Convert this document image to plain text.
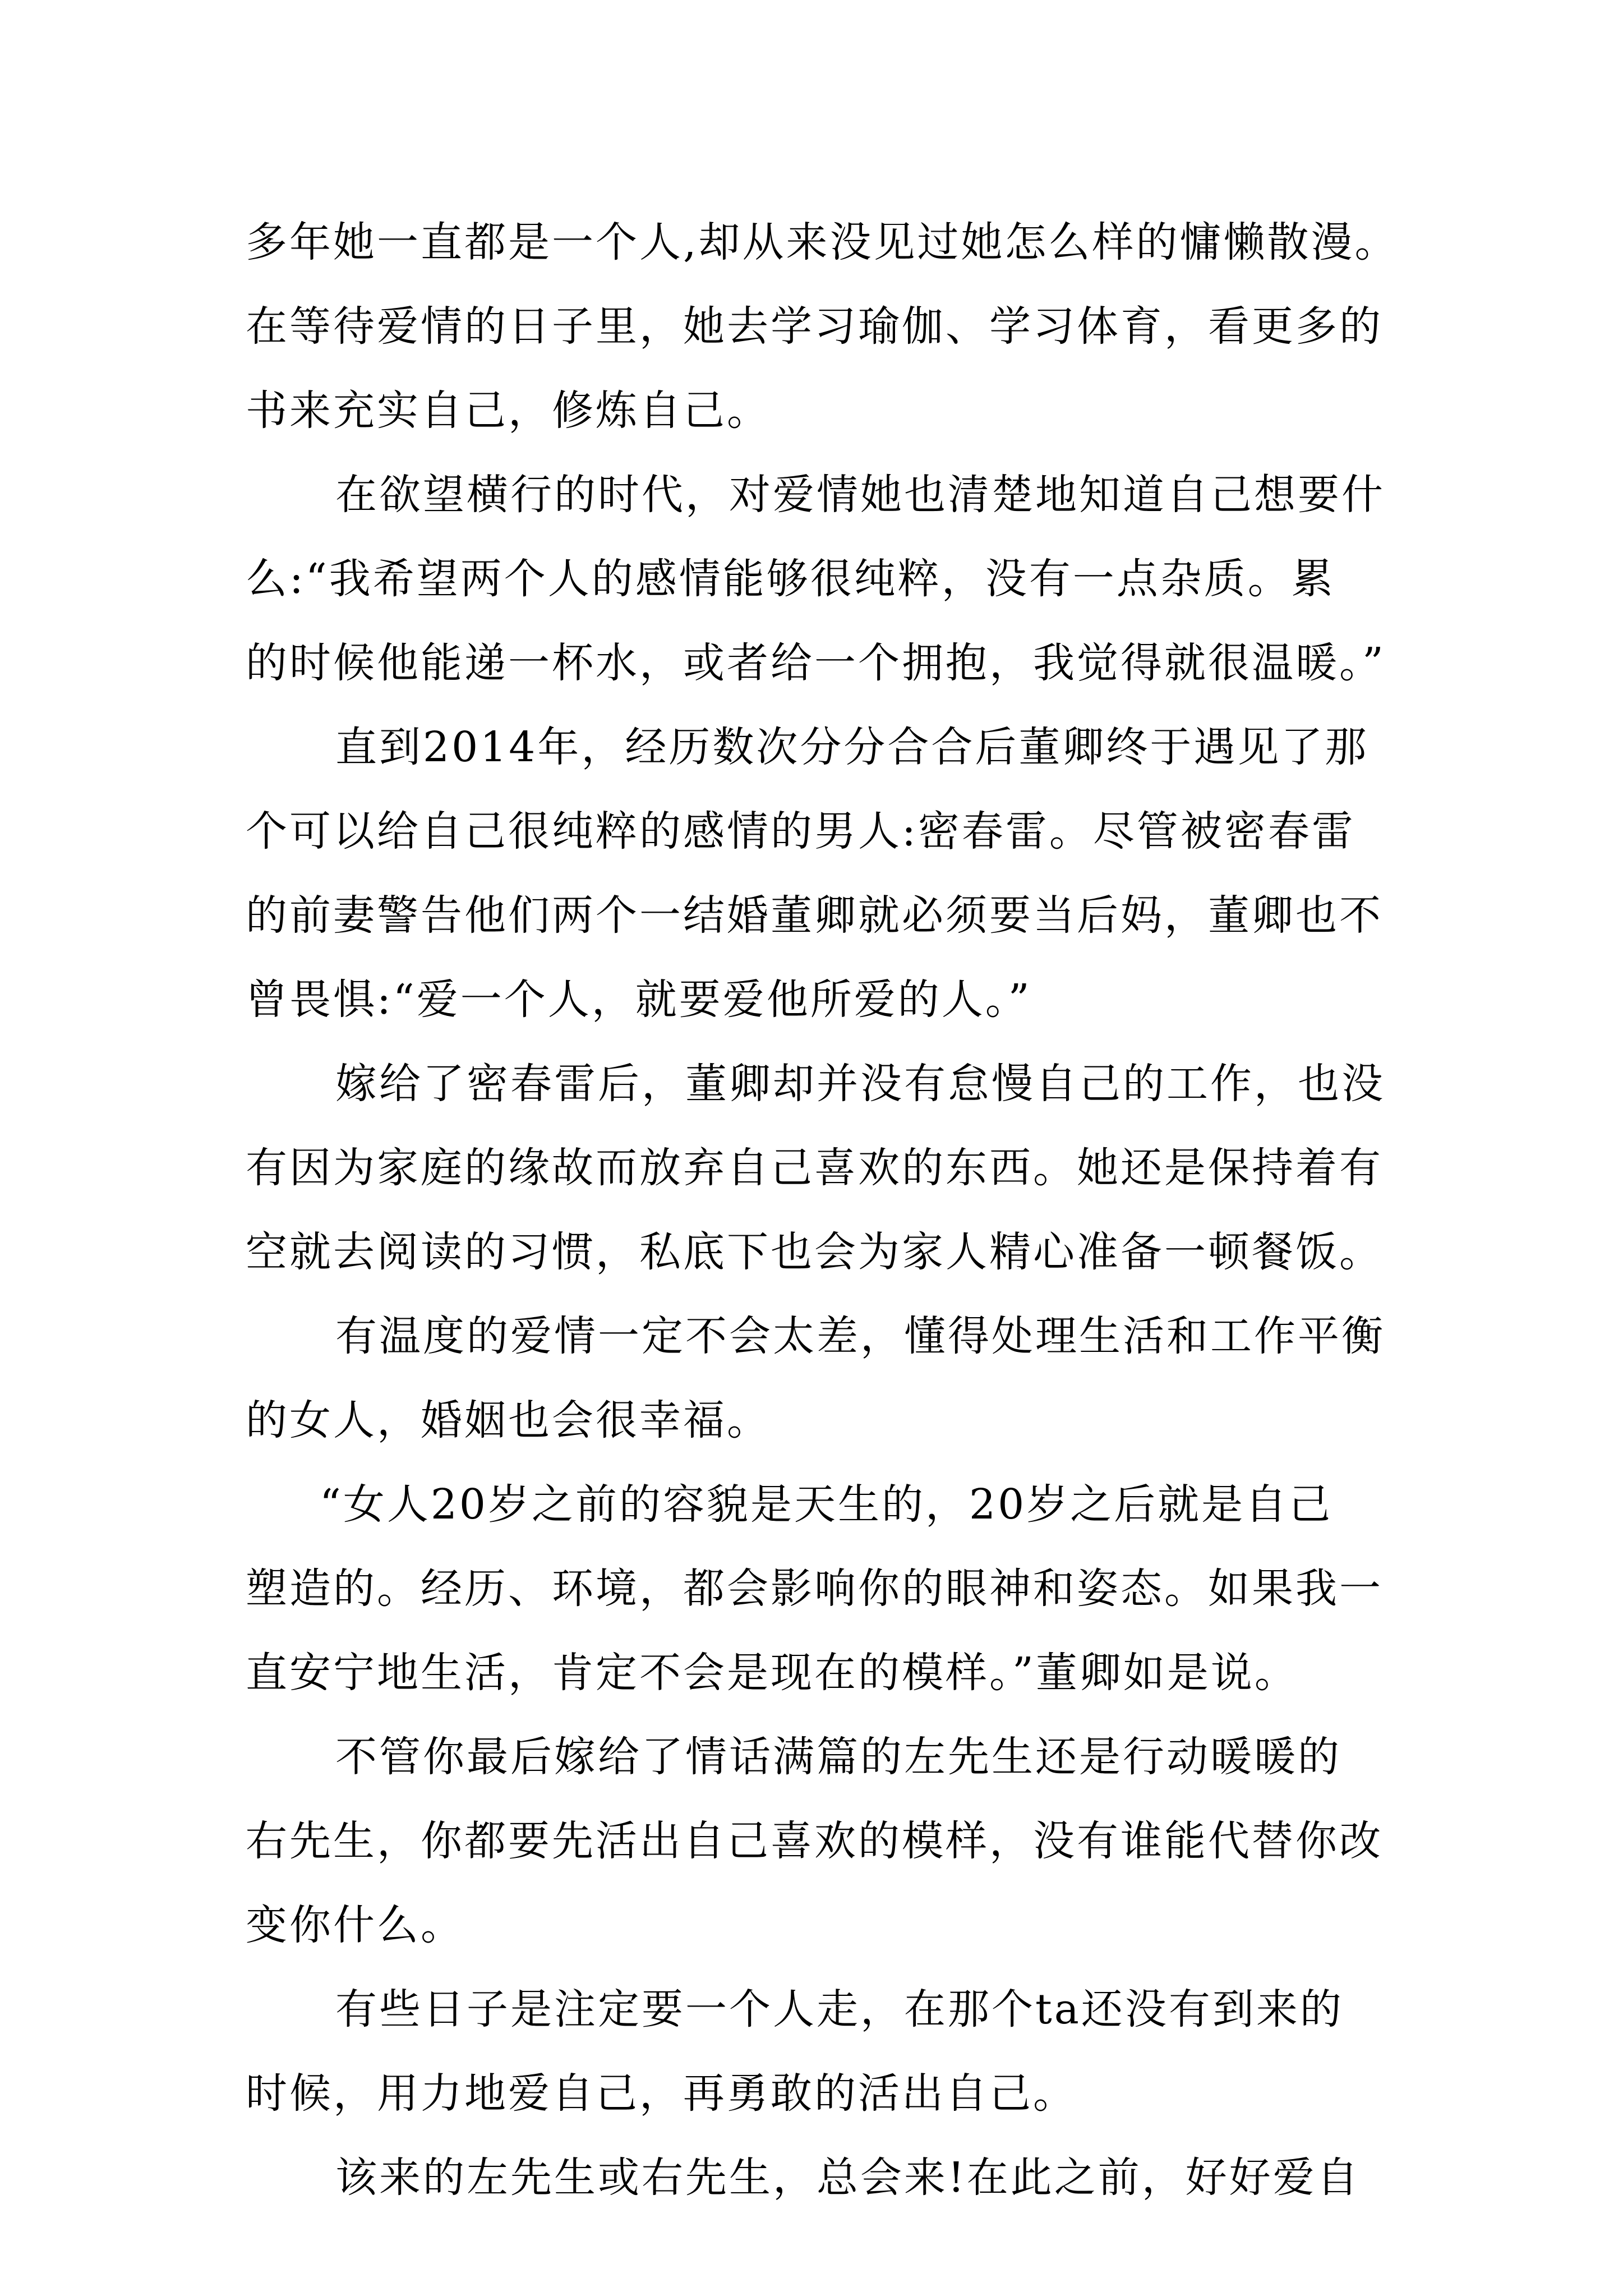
多年她一直都是一个人,却从来没见过她怎么样的慵懒散漫。
在等待爱情的日子里，她去学习瑜伽、学习体育，看更多的
书来充实自己，修炼自己。
在欲望横行的时代，对爱情她也清楚地知道自己想要什
么:“我希望两个人的感情能够很纯粹，没有一点杂质。累
的时候他能递一杯水，或者给一个拥抱，我觉得就很温暖。”
直到2014年，经历数次分分合合后董卿终于遇见了那
个可以给自己很纯粹的感情的男人:密春雷。尽管被密春雷
的前妻警告他们两个一结婚董卿就必须要当后妈，董卿也不
曾畏惧:“爱一个人，就要爱他所爱的人。”
嫁给了密春雷后，董卿却并没有怠慢自己的工作，也没
有因为家庭的缘故而放弃自己喜欢的东西。她还是保持着有
空就去阅读的习惯，私底下也会为家人精心准备一顿餐饭。
有温度的爱情一定不会太差，懂得处理生活和工作平衡
的女人，婚姻也会很幸福。
“女人20岁之前的容貌是天生的，20岁之后就是自己
塑造的。经历、环境，都会影响你的眼神和姿态。如果我一
直安宁地生活，肯定不会是现在的模样。”董卿如是说。
不管你最后嫁给了情话满篇的左先生还是行动暖暖的
右先生，你都要先活出自己喜欢的模样，没有谁能代替你改
变你什么。
有些日子是注定要一个人走，在那个ta还没有到来的
时候，用力地爱自己，再勇敢的活出自己。
该来的左先生或右先生，总会来!在此之前，好好爱自
